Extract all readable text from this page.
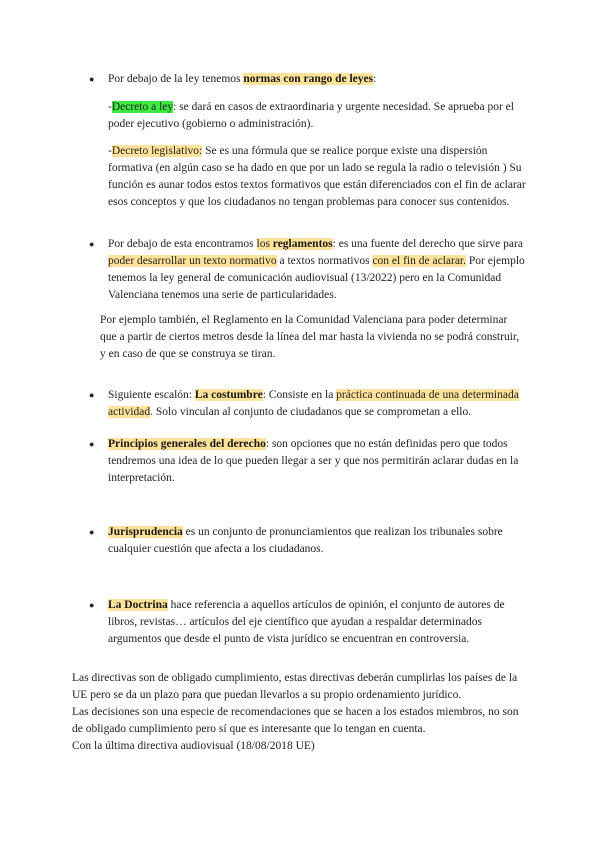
● Por debajo de la ley tenemos normas con rango de leyes:
-Decreto a ley: se dará en casos de extraordinaria y urgente necesidad. Se aprueba por el poder ejecutivo (gobierno o administración).
-Decreto legislativo: Se es una fórmula que se realice porque existe una dispersión formativa (en algún caso se ha dado en que por un lado se regula la radio o televisión ) Su función es aunar todos estos textos formativos que están diferenciados con el fin de aclarar esos conceptos y que los ciudadanos no tengan problemas para conocer sus contenidos.
● Por debajo de esta encontramos los reglamentos: es una fuente del derecho que sirve para poder desarrollar un texto normativo a textos normativos con el fin de aclarar. Por ejemplo tenemos la ley general de comunicación audiovisual (13/2022) pero en la Comunidad Valenciana tenemos una serie de particularidades.
Por ejemplo también, el Reglamento en la Comunidad Valenciana para poder determinar que a partir de ciertos metros desde la línea del mar hasta la vivienda no se podrá construir, y en caso de que se construya se tiran.
● Siguiente escalón: La costumbre: Consiste en la práctica continuada de una determinada actividad. Solo vinculan al conjunto de ciudadanos que se comprometan a ello.
● Principios generales del derecho: son opciones que no están definidas pero que todos tendremos una idea de lo que pueden llegar a ser y que nos permitirán aclarar dudas en la interpretación.
● Jurisprudencia es un conjunto de pronunciamientos que realizan los tribunales sobre cualquier cuestión que afecta a los ciudadanos.
● La Doctrina hace referencia a aquellos artículos de opinión, el conjunto de autores de libros, revistas… artículos del eje científico que ayudan a respaldar determinados argumentos que desde el punto de vista jurídico se encuentran en controversia.
Las directivas son de obligado cumplimiento, estas directivas deberán cumplirlas los países de la UE pero se da un plazo para que puedan llevarlos a su propio ordenamiento jurídico.
Las decisiones son una especie de recomendaciones que se hacen a los estados miembros, no son de obligado cumplimiento pero sí que es interesante que lo tengan en cuenta.
Con la última directiva audiovisual (18/08/2018 UE)
